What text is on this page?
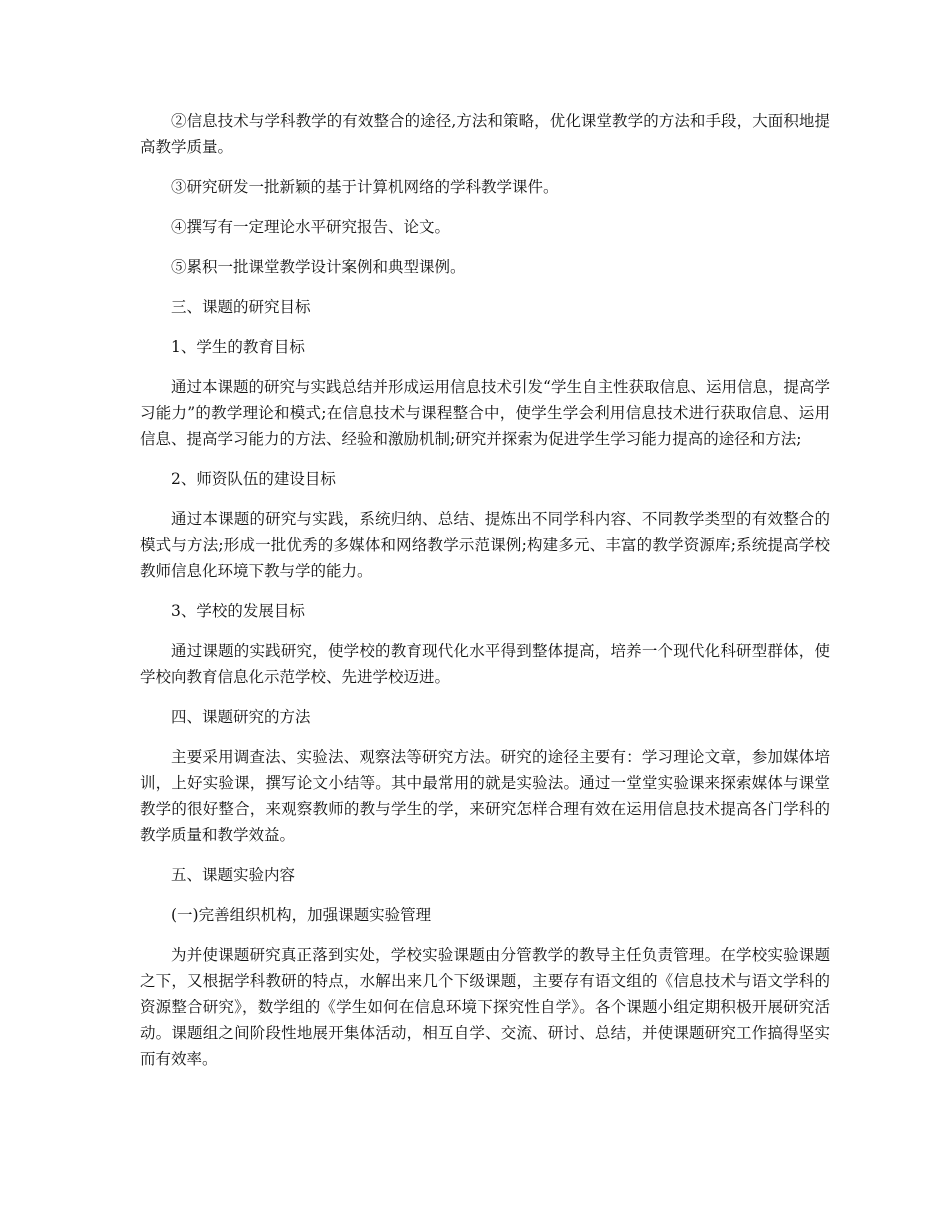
②信息技术与学科教学的有效整合的途径,方法和策略，优化课堂教学的方法和手段，大面积地提高教学质量。

③研究研发一批新颖的基于计算机网络的学科教学课件。

④撰写有一定理论水平研究报告、论文。

⑤累积一批课堂教学设计案例和典型课例。

三、课题的研究目标

1、学生的教育目标

通过本课题的研究与实践总结并形成运用信息技术引发“学生自主性获取信息、运用信息，提高学习能力”的教学理论和模式;在信息技术与课程整合中，使学生学会利用信息技术进行获取信息、运用信息、提高学习能力的方法、经验和激励机制;研究并探索为促进学生学习能力提高的途径和方法;

2、师资队伍的建设目标

通过本课题的研究与实践，系统归纳、总结、提炼出不同学科内容、不同教学类型的有效整合的模式与方法;形成一批优秀的多媒体和网络教学示范课例;构建多元、丰富的教学资源库;系统提高学校教师信息化环境下教与学的能力。

3、学校的发展目标

通过课题的实践研究，使学校的教育现代化水平得到整体提高，培养一个现代化科研型群体，使学校向教育信息化示范学校、先进学校迈进。

四、课题研究的方法

主要采用调查法、实验法、观察法等研究方法。研究的途径主要有：学习理论文章，参加媒体培训，上好实验课，撰写论文小结等。其中最常用的就是实验法。通过一堂堂实验课来探索媒体与课堂教学的很好整合，来观察教师的教与学生的学，来研究怎样合理有效在运用信息技术提高各门学科的教学质量和教学效益。

五、课题实验内容

(一)完善组织机构，加强课题实验管理

为并使课题研究真正落到实处，学校实验课题由分管教学的教导主任负责管理。在学校实验课题之下，又根据学科教研的特点，水解出来几个下级课题，主要存有语文组的《信息技术与语文学科的资源整合研究》，数学组的《学生如何在信息环境下探究性自学》。各个课题小组定期积极开展研究活动。课题组之间阶段性地展开集体活动，相互自学、交流、研讨、总结，并使课题研究工作搞得坚实而有效率。
